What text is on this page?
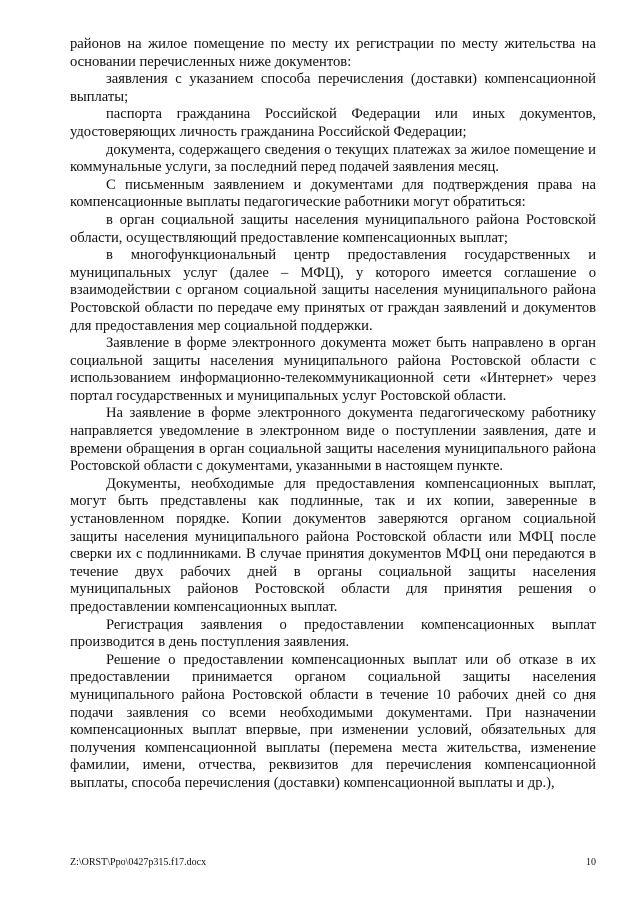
районов на жилое помещение по месту их регистрации по месту жительства на основании перечисленных ниже документов:

заявления с указанием способа перечисления (доставки) компенсационной выплаты;

паспорта гражданина Российской Федерации или иных документов, удостоверяющих личность гражданина Российской Федерации;

документа, содержащего сведения о текущих платежах за жилое помещение и коммунальные услуги, за последний перед подачей заявления месяц.

С письменным заявлением и документами для подтверждения права на компенсационные выплаты педагогические работники могут обратиться:

в орган социальной защиты населения муниципального района Ростовской области, осуществляющий предоставление компенсационных выплат;

в многофункциональный центр предоставления государственных и муниципальных услуг (далее – МФЦ), у которого имеется соглашение о взаимодействии с органом социальной защиты населения муниципального района Ростовской области по передаче ему принятых от граждан заявлений и документов для предоставления мер социальной поддержки.

Заявление в форме электронного документа может быть направлено в орган социальной защиты населения муниципального района Ростовской области с использованием информационно-телекоммуникационной сети «Интернет» через портал государственных и муниципальных услуг Ростовской области.

На заявление в форме электронного документа педагогическому работнику направляется уведомление в электронном виде о поступлении заявления, дате и времени обращения в орган социальной защиты населения муниципального района Ростовской области с документами, указанными в настоящем пункте.

Документы, необходимые для предоставления компенсационных выплат, могут быть представлены как подлинные, так и их копии, заверенные в установленном порядке. Копии документов заверяются органом социальной защиты населения муниципального района Ростовской области или МФЦ после сверки их с подлинниками. В случае принятия документов МФЦ они передаются в течение двух рабочих дней в органы социальной защиты населения муниципальных районов Ростовской области для принятия решения о предоставлении компенсационных выплат.

Регистрация заявления о предоставлении компенсационных выплат производится в день поступления заявления.

Решение о предоставлении компенсационных выплат или об отказе в их предоставлении принимается органом социальной защиты населения муниципального района Ростовской области в течение 10 рабочих дней со дня подачи заявления со всеми необходимыми документами. При назначении компенсационных выплат впервые, при изменении условий, обязательных для получения компенсационной выплаты (перемена места жительства, изменение фамилии, имени, отчества, реквизитов для перечисления компенсационной выплаты, способа перечисления (доставки) компенсационной выплаты и др.),

Z:\ORST\Ppo\0427p315.f17.docx	10
